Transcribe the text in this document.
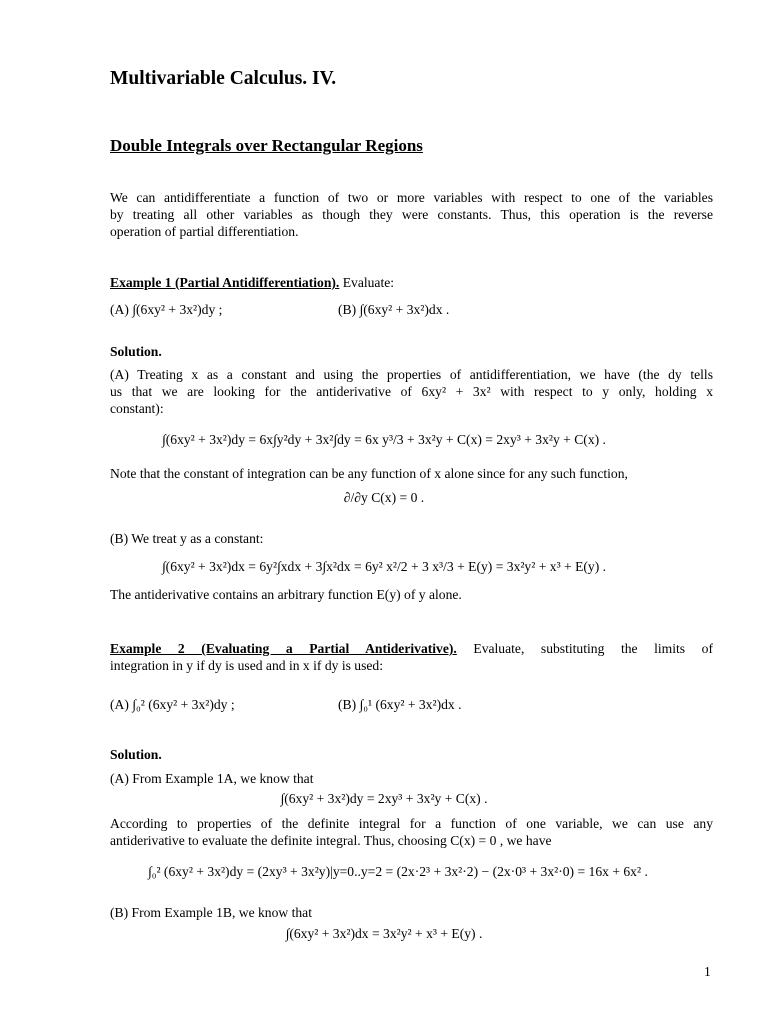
Multivariable Calculus. IV.
Double Integrals over Rectangular Regions
We can antidifferentiate a function of two or more variables with respect to one of the variables
by treating all other variables as though they were constants. Thus, this operation is the reverse
operation of partial differentiation.
Example 1 (Partial Antidifferentiation). Evaluate:
(A) ∫(6xy² + 3x²)dy ;	(B) ∫(6xy² + 3x²)dx .
Solution.
(A) Treating x as a constant and using the properties of antidifferentiation, we have (the dy tells
us that we are looking for the antiderivative of 6xy² + 3x² with respect to y only, holding x
constant):
∫(6xy² + 3x²)dy = 6x∫y²dy + 3x²∫dy = 6x y³/3 + 3x²y + C(x) = 2xy³ + 3x²y + C(x) .
Note that the constant of integration can be any function of x alone since for any such function,
∂/∂y C(x) = 0 .
(B) We treat y as a constant:
∫(6xy² + 3x²)dx = 6y²∫xdx + 3∫x²dx = 6y² x²/2 + 3 x³/3 + E(y) = 3x²y² + x³ + E(y) .
The antiderivative contains an arbitrary function E(y) of y alone.
Example 2 (Evaluating a Partial Antiderivative). Evaluate, substituting the limits of
integration in y if dy is used and in x if dy is used:
(A) ∫₀² (6xy² + 3x²)dy ;	(B) ∫₀¹ (6xy² + 3x²)dx .
Solution.
(A) From Example 1A, we know that
∫(6xy² + 3x²)dy = 2xy³ + 3x²y + C(x) .
According to properties of the definite integral for a function of one variable, we can use any
antiderivative to evaluate the definite integral. Thus, choosing C(x) = 0 , we have
∫₀² (6xy² + 3x²)dy = (2xy³ + 3x²y)|y=0..y=2 = (2x·2³ + 3x²·2) − (2x·0³ + 3x²·0) = 16x + 6x² .
(B) From Example 1B, we know that
∫(6xy² + 3x²)dx = 3x²y² + x³ + E(y) .
1
